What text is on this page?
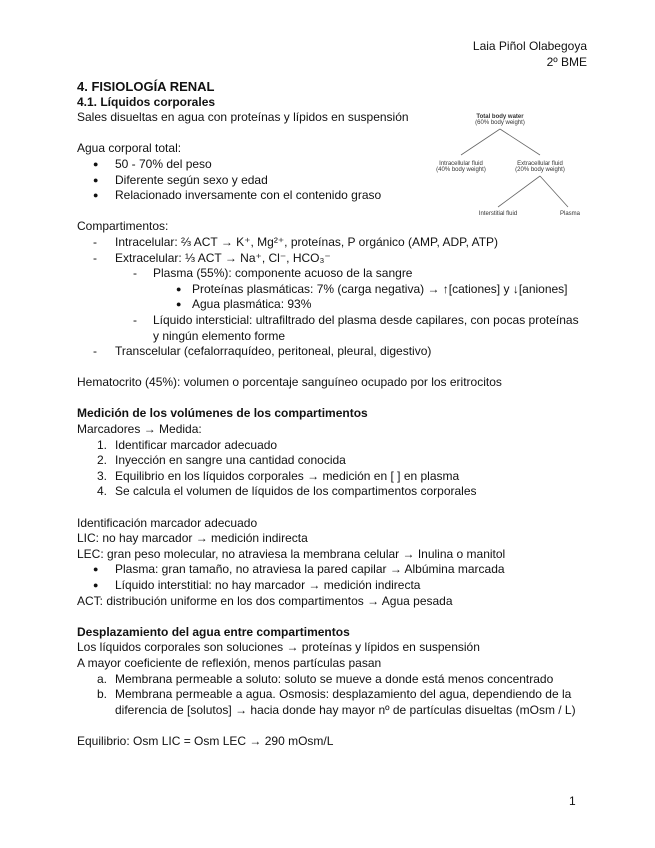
Laia Piñol Olabegoya
2º BME
4. FISIOLOGÍA RENAL
4.1. Líquidos corporales
Sales disueltas en agua con proteínas y lípidos en suspensión
Agua corporal total:
● 50 - 70% del peso
● Diferente según sexo y edad
● Relacionado inversamente con el contenido graso
Compartimentos:
- Intracelular: ⅔ ACT → K⁺, Mg²⁺, proteínas, P orgánico (AMP, ADP, ATP)
- Extracelular: ⅓ ACT → Na⁺, Cl⁻, HCO₃⁻
- Plasma (55%): componente acuoso de la sangre
● Proteínas plasmáticas: 7% (carga negativa) → ↑[cationes] y ↓[aniones]
● Agua plasmática: 93%
- Líquido intersticial: ultrafiltrado del plasma desde capilares, con pocas proteínas
y ningún elemento forme
- Transcelular (cefalorraquídeo, peritoneal, pleural, digestivo)
Hematocrito (45%): volumen o porcentaje sanguíneo ocupado por los eritrocitos
Medición de los volúmenes de los compartimentos
Marcadores → Medida:
1. Identificar marcador adecuado
2. Inyección en sangre una cantidad conocida
3. Equilibrio en los líquidos corporales → medición en [ ] en plasma
4. Se calcula el volumen de líquidos de los compartimentos corporales
Identificación marcador adecuado
LIC: no hay marcador → medición indirecta
LEC: gran peso molecular, no atraviesa la membrana celular → Inulina o manitol
● Plasma: gran tamaño, no atraviesa la pared capilar → Albúmina marcada
● Líquido interstitial: no hay marcador → medición indirecta
ACT: distribución uniforme en los dos compartimentos → Agua pesada
Desplazamiento del agua entre compartimentos
Los líquidos corporales son soluciones → proteínas y lípidos en suspensión
A mayor coeficiente de reflexión, menos partículas pasan
a. Membrana permeable a soluto: soluto se mueve a donde está menos concentrado
b. Membrana permeable a agua. Osmosis: desplazamiento del agua, dependiendo de la
diferencia de [solutos] → hacia donde hay mayor nº de partículas disueltas (mOsm / L)
Equilibrio: Osm LIC = Osm LEC → 290 mOsm/L
Total body water
(60% body weight)
Intracellular fluid
(40% body weight)
Extracellular fluid
(20% body weight)
Interstitial fluid	Plasma
1
